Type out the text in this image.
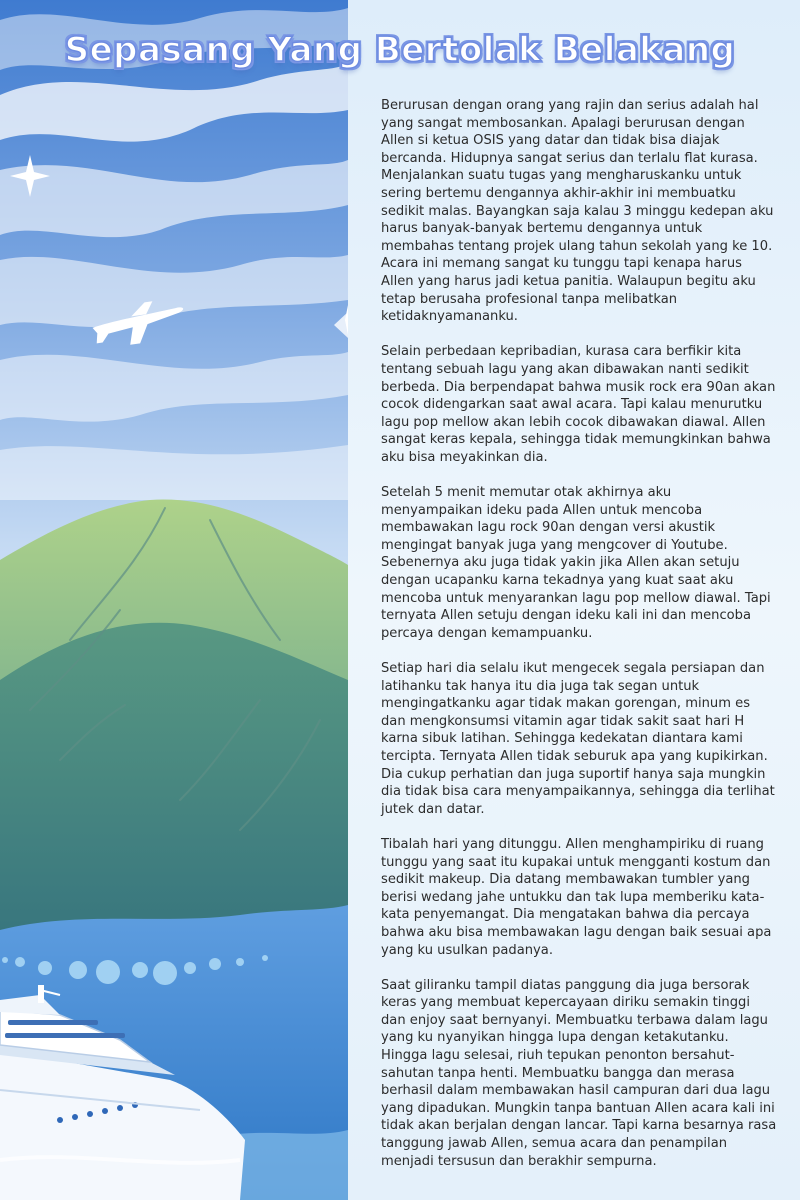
Sepasang Yang Bertolak Belakang

Berurusan dengan orang yang rajin dan serius adalah hal
yang sangat membosankan. Apalagi berurusan dengan
Allen si ketua OSIS yang datar dan tidak bisa diajak
bercanda. Hidupnya sangat serius dan terlalu flat kurasa.
Menjalankan suatu tugas yang mengharuskanku untuk
sering bertemu dengannya akhir-akhir ini membuatku
sedikit malas. Bayangkan saja kalau 3 minggu kedepan aku
harus banyak-banyak bertemu dengannya untuk
membahas tentang projek ulang tahun sekolah yang ke 10.
Acara ini memang sangat ku tunggu tapi kenapa harus
Allen yang harus jadi ketua panitia. Walaupun begitu aku
tetap berusaha profesional tanpa melibatkan
ketidaknyamananku.

Selain perbedaan kepribadian, kurasa cara berfikir kita
tentang sebuah lagu yang akan dibawakan nanti sedikit
berbeda. Dia berpendapat bahwa musik rock era 90an akan
cocok didengarkan saat awal acara. Tapi kalau menurutku
lagu pop mellow akan lebih cocok dibawakan diawal. Allen
sangat keras kepala, sehingga tidak memungkinkan bahwa
aku bisa meyakinkan dia.

Setelah 5 menit memutar otak akhirnya aku
menyampaikan ideku pada Allen untuk mencoba
membawakan lagu rock 90an dengan versi akustik
mengingat banyak juga yang mengcover di Youtube.
Sebenernya aku juga tidak yakin jika Allen akan setuju
dengan ucapanku karna tekadnya yang kuat saat aku
mencoba untuk menyarankan lagu pop mellow diawal. Tapi
ternyata Allen setuju dengan ideku kali ini dan mencoba
percaya dengan kemampuanku.

Setiap hari dia selalu ikut mengecek segala persiapan dan
latihanku tak hanya itu dia juga tak segan untuk
mengingatkanku agar tidak makan gorengan, minum es
dan mengkonsumsi vitamin agar tidak sakit saat hari H
karna sibuk latihan. Sehingga kedekatan diantara kami
tercipta. Ternyata Allen tidak seburuk apa yang kupikirkan.
Dia cukup perhatian dan juga suportif hanya saja mungkin
dia tidak bisa cara menyampaikannya, sehingga dia terlihat
jutek dan datar.

Tibalah hari yang ditunggu. Allen menghampiriku di ruang
tunggu yang saat itu kupakai untuk mengganti kostum dan
sedikit makeup. Dia datang membawakan tumbler yang
berisi wedang jahe untukku dan tak lupa memberiku kata-
kata penyemangat. Dia mengatakan bahwa dia percaya
bahwa aku bisa membawakan lagu dengan baik sesuai apa
yang ku usulkan padanya.

Saat giliranku tampil diatas panggung dia juga bersorak
keras yang membuat kepercayaan diriku semakin tinggi
dan enjoy saat bernyanyi. Membuatku terbawa dalam lagu
yang ku nyanyikan hingga lupa dengan ketakutanku.
Hingga lagu selesai, riuh tepukan penonton bersahut-
sahutan tanpa henti. Membuatku bangga dan merasa
berhasil dalam membawakan hasil campuran dari dua lagu
yang dipadukan. Mungkin tanpa bantuan Allen acara kali ini
tidak akan berjalan dengan lancar. Tapi karna besarnya rasa
tanggung jawab Allen, semua acara dan penampilan
menjadi tersusun dan berakhir sempurna.
